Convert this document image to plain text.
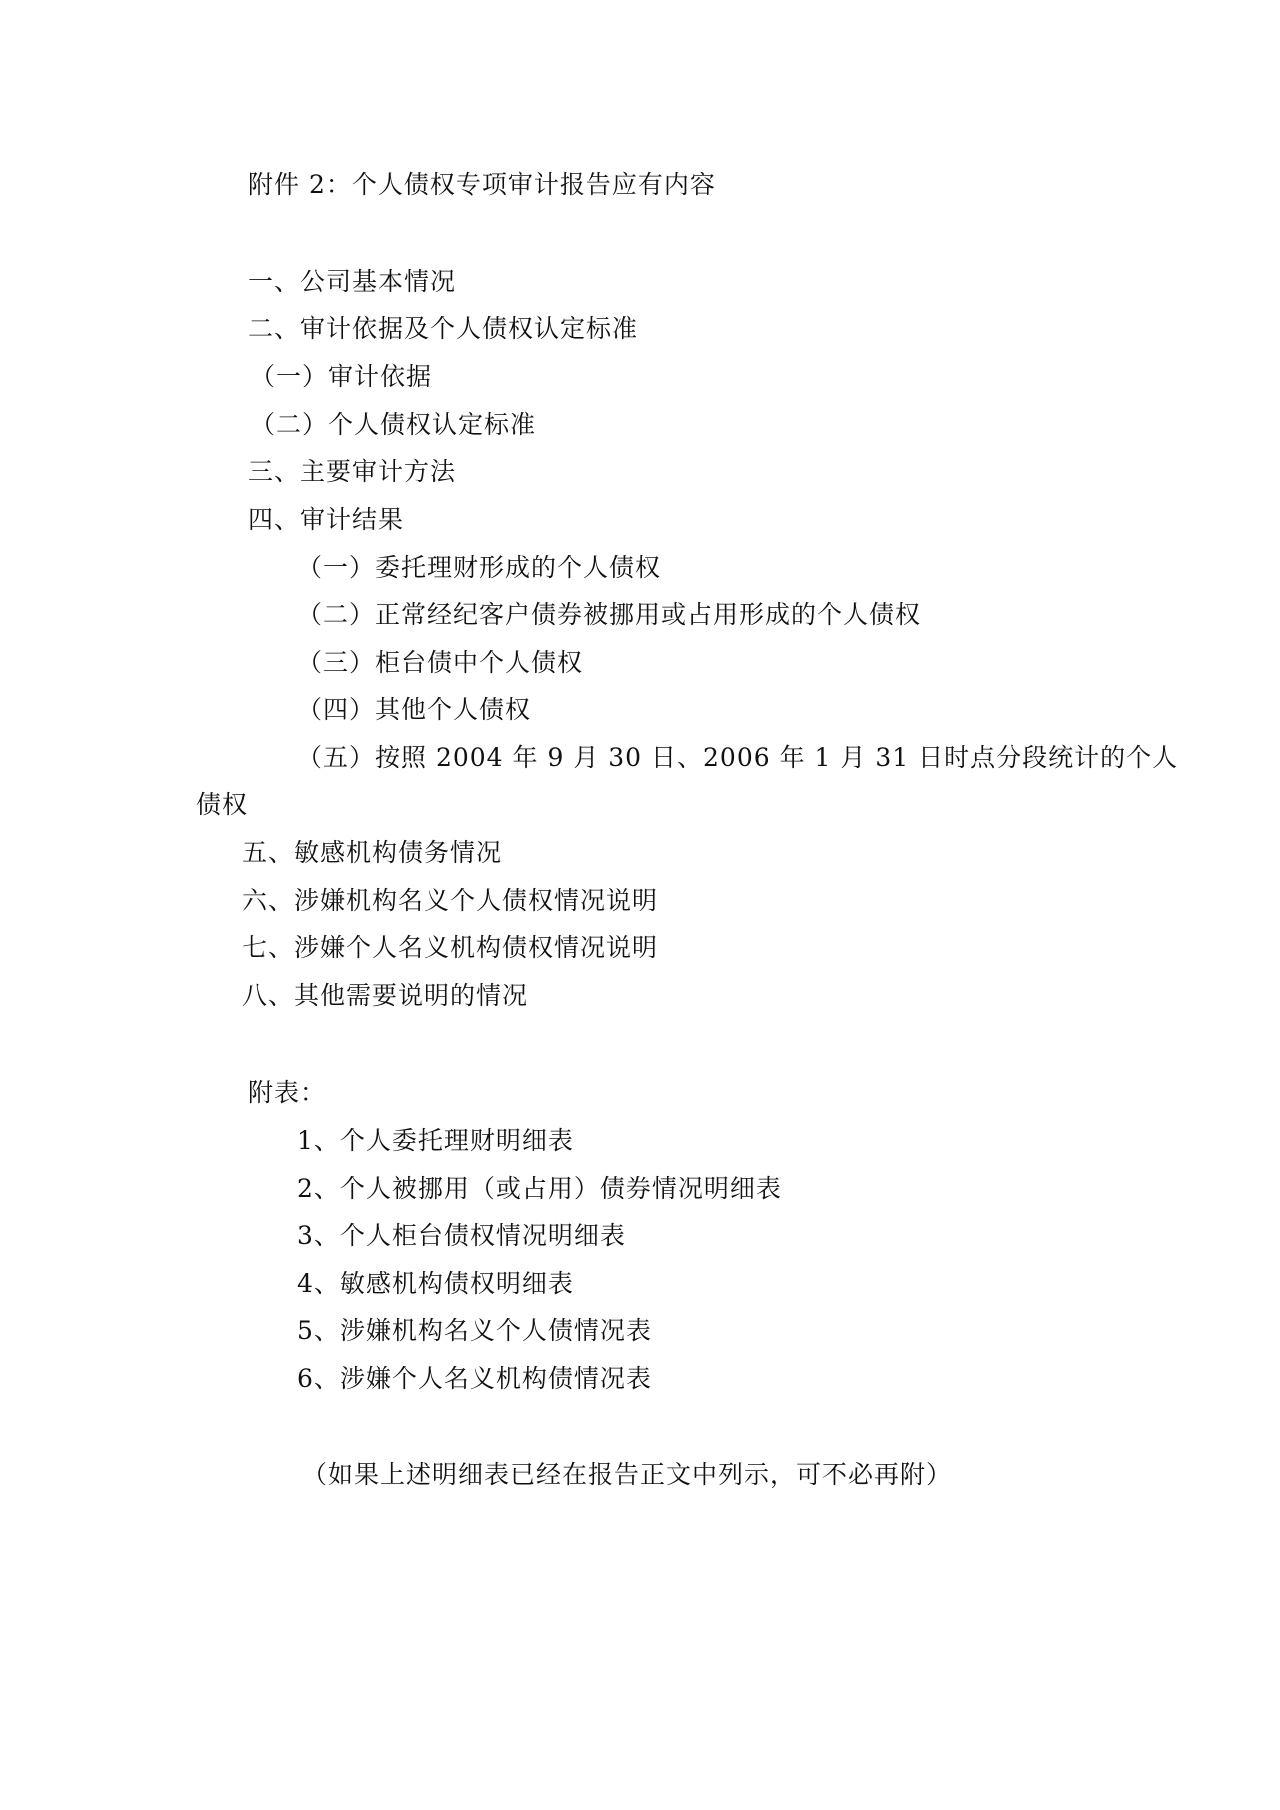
附件 2：个人债权专项审计报告应有内容
一、公司基本情况
二、审计依据及个人债权认定标准
（一）审计依据
（二）个人债权认定标准
三、主要审计方法
四、审计结果
（一）委托理财形成的个人债权
（二）正常经纪客户债券被挪用或占用形成的个人债权
（三）柜台债中个人债权
（四）其他个人债权
（五）按照 2004 年 9 月 30 日、2006 年 1 月 31 日时点分段统计的个人
债权
五、敏感机构债务情况
六、涉嫌机构名义个人债权情况说明
七、涉嫌个人名义机构债权情况说明
八、其他需要说明的情况
附表：
1、个人委托理财明细表
2、个人被挪用（或占用）债券情况明细表
3、个人柜台债权情况明细表
4、敏感机构债权明细表
5、涉嫌机构名义个人债情况表
6、涉嫌个人名义机构债情况表
（如果上述明细表已经在报告正文中列示，可不必再附）
